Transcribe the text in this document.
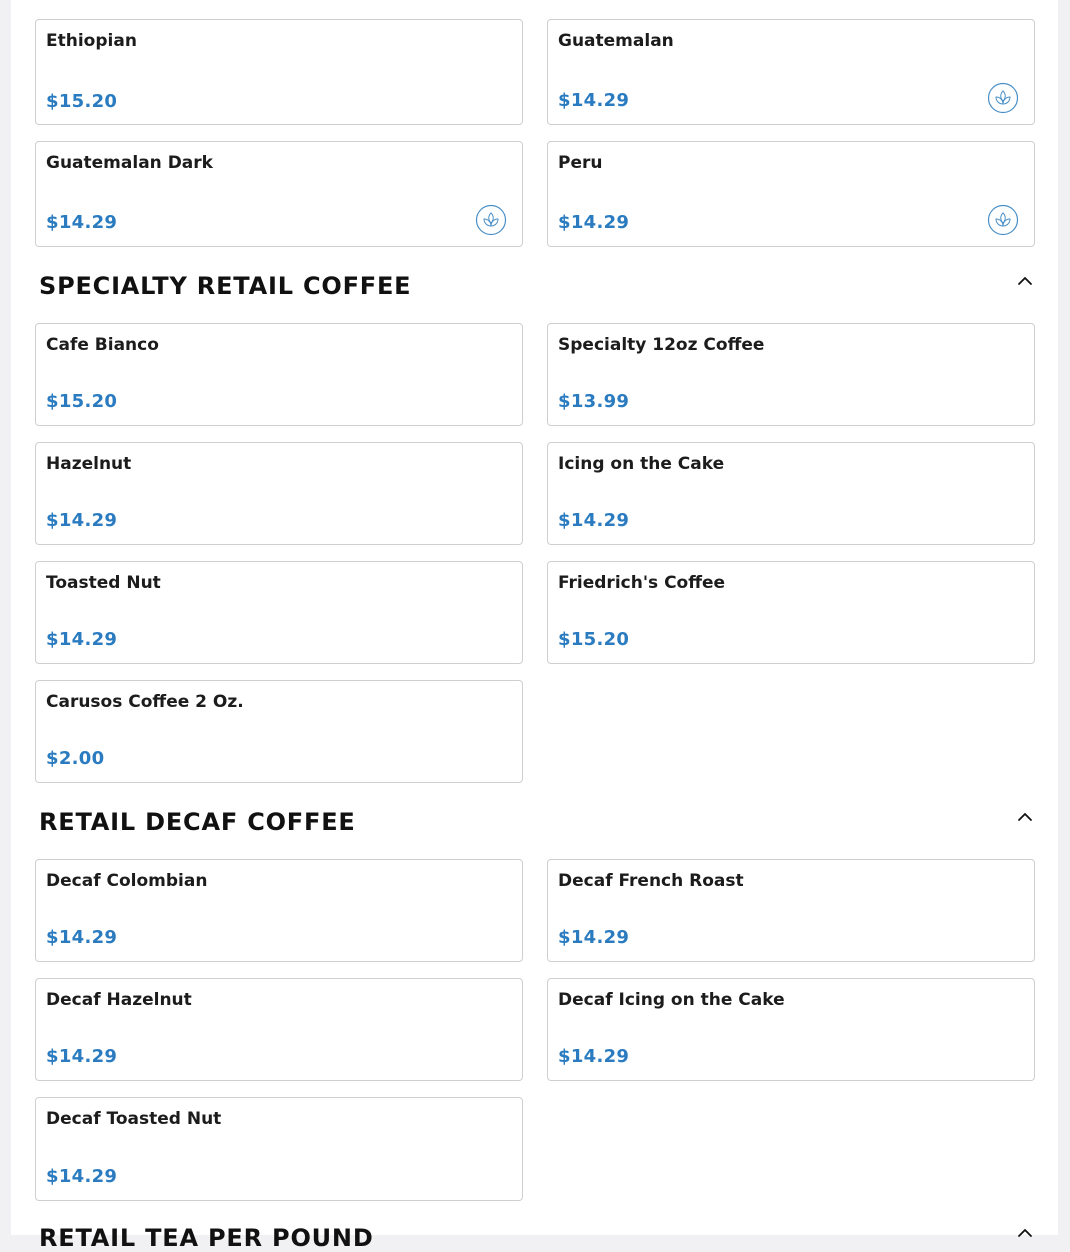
Ethiopian
$15.20
Guatemalan
$14.29
Guatemalan Dark
$14.29
Peru
$14.29
SPECIALTY RETAIL COFFEE
Cafe Bianco
$15.20
Specialty 12oz Coffee
$13.99
Hazelnut
$14.29
Icing on the Cake
$14.29
Toasted Nut
$14.29
Friedrich's Coffee
$15.20
Carusos Coffee 2 Oz.
$2.00
RETAIL DECAF COFFEE
Decaf Colombian
$14.29
Decaf French Roast
$14.29
Decaf Hazelnut
$14.29
Decaf Icing on the Cake
$14.29
Decaf Toasted Nut
$14.29
RETAIL TEA PER POUND
